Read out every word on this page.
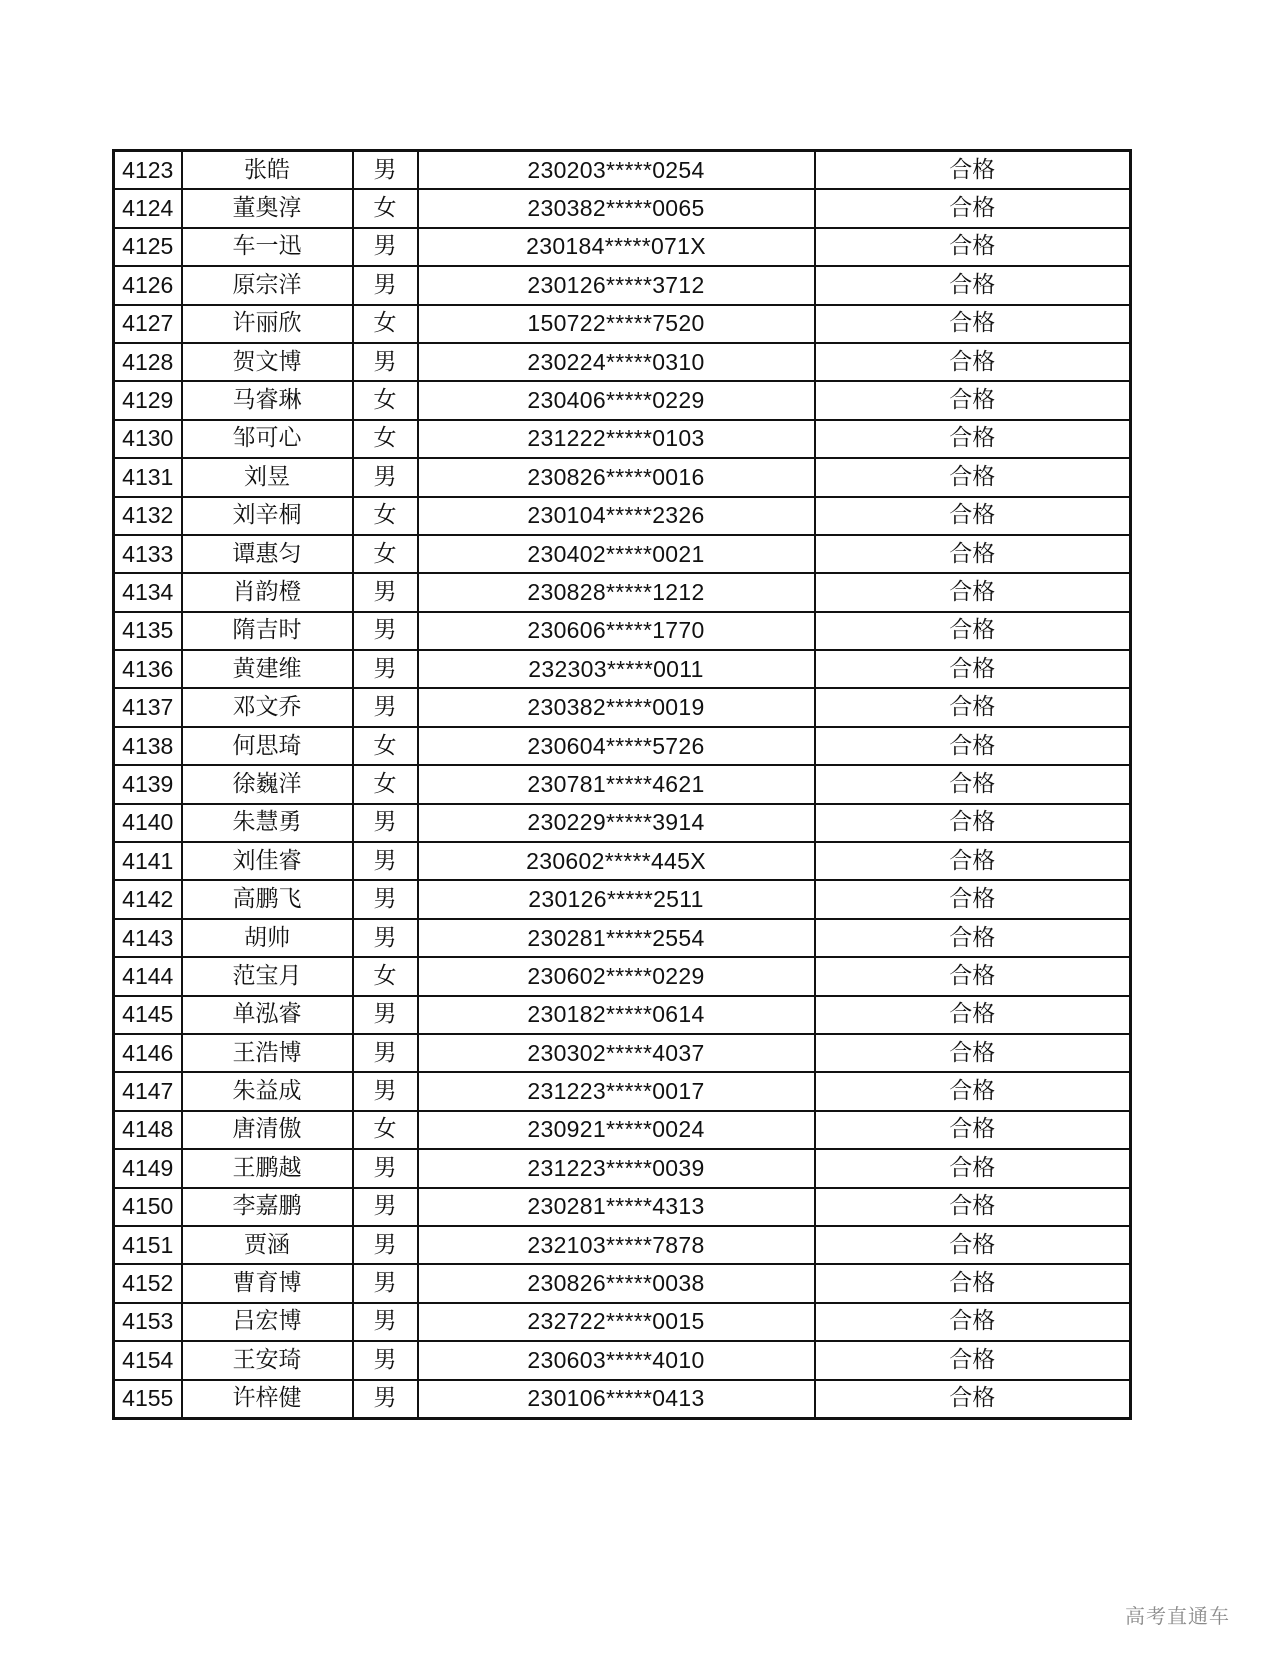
4123	张皓	男	230203*****0254	合格
4124	董奥淳	女	230382*****0065	合格
4125	车一迅	男	230184*****071X	合格
4126	原宗洋	男	230126*****3712	合格
4127	许丽欣	女	150722*****7520	合格
4128	贺文博	男	230224*****0310	合格
4129	马睿琳	女	230406*****0229	合格
4130	邹可心	女	231222*****0103	合格
4131	刘昱	男	230826*****0016	合格
4132	刘辛桐	女	230104*****2326	合格
4133	谭惠匀	女	230402*****0021	合格
4134	肖韵橙	男	230828*****1212	合格
4135	隋吉时	男	230606*****1770	合格
4136	黄建维	男	232303*****0011	合格
4137	邓文乔	男	230382*****0019	合格
4138	何思琦	女	230604*****5726	合格
4139	徐巍洋	女	230781*****4621	合格
4140	朱慧勇	男	230229*****3914	合格
4141	刘佳睿	男	230602*****445X	合格
4142	高鹏飞	男	230126*****2511	合格
4143	胡帅	男	230281*****2554	合格
4144	范宝月	女	230602*****0229	合格
4145	单泓睿	男	230182*****0614	合格
4146	王浩博	男	230302*****4037	合格
4147	朱益成	男	231223*****0017	合格
4148	唐清傲	女	230921*****0024	合格
4149	王鹏越	男	231223*****0039	合格
4150	李嘉鹏	男	230281*****4313	合格
4151	贾涵	男	232103*****7878	合格
4152	曹育博	男	230826*****0038	合格
4153	吕宏博	男	232722*****0015	合格
4154	王安琦	男	230603*****4010	合格
4155	许梓健	男	230106*****0413	合格
高考直通车
